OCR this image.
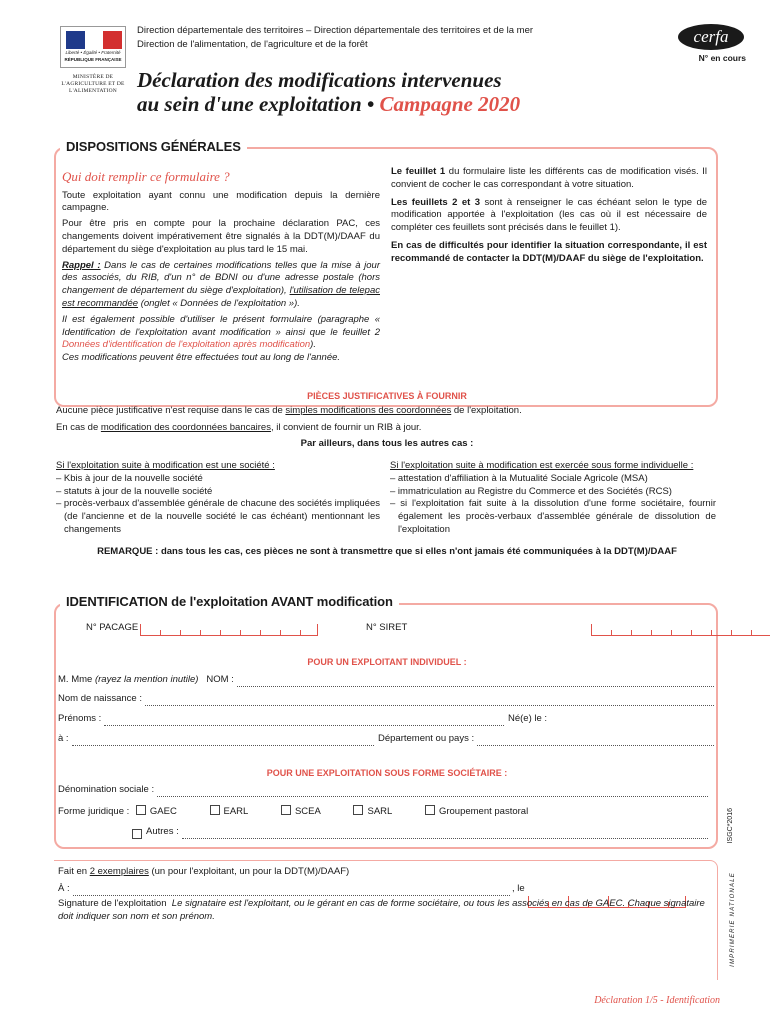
Liberté • Égalité • Fraternité
RÉPUBLIQUE FRANÇAISE
MINISTÈRE DE L'AGRICULTURE ET DE L'ALIMENTATION
Direction départementale des territoires – Direction départementale des territoires et de la mer
Direction de l'alimentation, de l'agriculture et de la forêt	cerfa
N° en cours
Déclaration des modifications intervenues
au sein d'une exploitation • Campagne 2020
DISPOSITIONS GÉNÉRALES
Qui doit remplir ce formulaire ?

Toute exploitation ayant connu une modification depuis la dernière campagne.

Pour être pris en compte pour la prochaine déclaration PAC, ces changements doivent impérativement être signalés à la DDT(M)/DAAF du département du siège d'exploitation au plus tard le 15 mai.

Rappel : Dans le cas de certaines modifications telles que la mise à jour des associés, du RIB, d'un n° de BDNI ou d'une adresse postale (hors changement de département du siège d'exploitation), l'utilisation de telepac est recommandée (onglet « Données de l'exploitation »).

Il est également possible d'utiliser le présent formulaire (paragraphe « Identification de l'exploitation avant modification » ainsi que le feuillet 2 Données d'identification de l'exploitation après modification).

Ces modifications peuvent être effectuées tout au long de l'année.

Le feuillet 1 du formulaire liste les différents cas de modification visés. Il convient de cocher le cas correspondant à votre situation.

Les feuillets 2 et 3 sont à renseigner le cas échéant selon le type de modification apportée à l'exploitation (les cas où il est nécessaire de compléter ces feuillets sont précisés dans le feuillet 1).

En cas de difficultés pour identifier la situation correspondante, il est recommandé de contacter la DDT(M)/DAAF du siège de l'exploitation.

PIÈCES JUSTIFICATIVES À FOURNIR
Aucune pièce justificative n'est requise dans le cas de simples modifications des coordonnées de l'exploitation.
En cas de modification des coordonnées bancaires, il convient de fournir un RIB à jour.
Par ailleurs, dans tous les autres cas :
Si l'exploitation suite à modification est une société :
– Kbis à jour de la nouvelle société
– statuts à jour de la nouvelle société
– procès-verbaux d'assemblée générale de chacune des sociétés impliquées (de l'ancienne et de la nouvelle société le cas échéant) mentionnant les changements
Si l'exploitation suite à modification est exercée sous forme individuelle :
– attestation d'affiliation à la Mutualité Sociale Agricole (MSA)
– immatriculation au Registre du Commerce et des Sociétés (RCS)
– si l'exploitation fait suite à la dissolution d'une forme sociétaire, fournir également les procès-verbaux d'assemblée générale de dissolution de l'exploitation
REMARQUE : dans tous les cas, ces pièces ne sont à transmettre que si elles n'ont jamais été communiquées à la DDT(M)/DAAF
IDENTIFICATION de l'exploitation AVANT modification
N° PACAGE
	N° SIRET

POUR UN EXPLOITANT INDIVIDUEL :
M. Mme
(rayez la mention inutile)
NOM :
Nom de naissance :
Prénoms :	Né(e) le :

à :	Département ou pays :
POUR UNE EXPLOITATION SOUS FORME SOCIÉTAIRE :
Dénomination sociale :
Forme juridique : GAEC	EARL	SCEA	SARL	Groupement pastoral
Autres :	ISGC*2016
Fait en 2 exemplaires (un pour l'exploitant, un pour la DDT(M)/DAAF)
À :	, le
Signature de l'exploitation Le signataire est l'exploitant, ou le gérant en cas de forme sociétaire, ou tous les associés en cas de GAEC. Chaque signataire doit indiquer son nom et son prénom.	IMPRIMERIE NATIONALE
Déclaration 1/5 - Identification
